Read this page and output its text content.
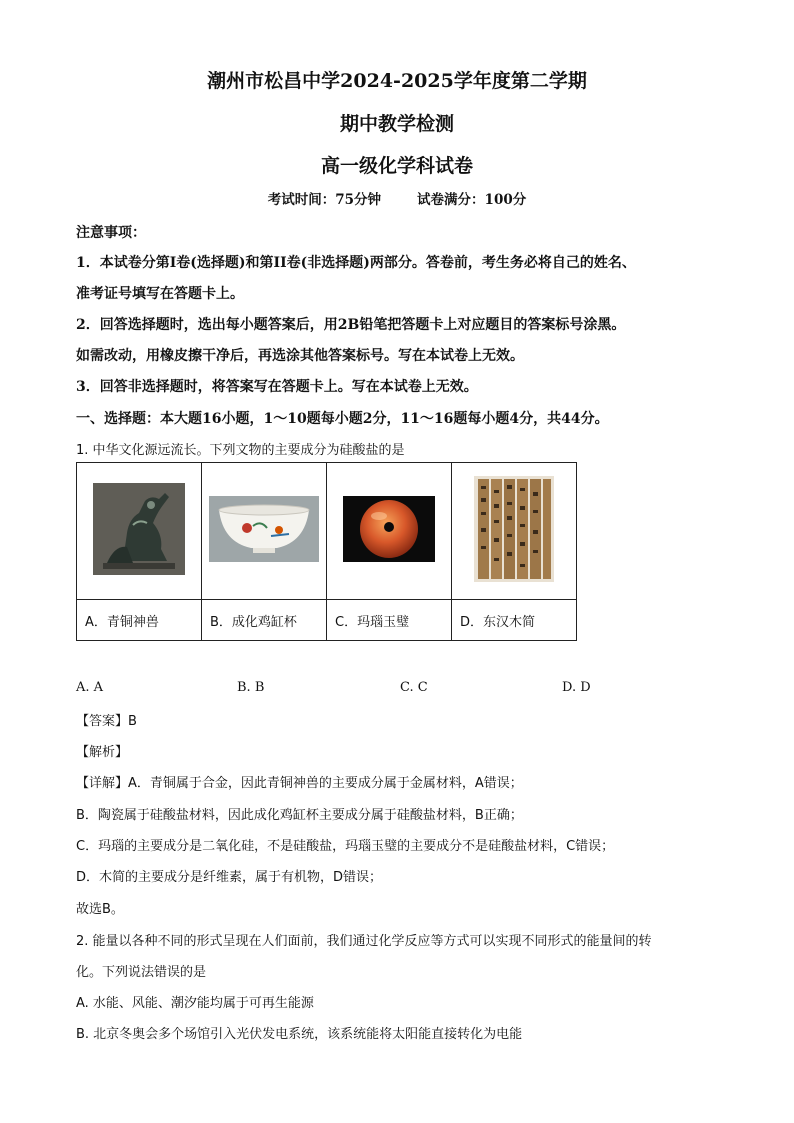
潮州市松昌中学2024-2025学年度第二学期
期中教学检测
高一级化学科试卷
考试时间：75分钟	试卷满分：100分
注意事项：
1．本试卷分第I卷(选择题)和第II卷(非选择题)两部分。答卷前，考生务必将自己的姓名、
准考证号填写在答题卡上。
2．回答选择题时，选出每小题答案后，用2B铅笔把答题卡上对应题目的答案标号涂黑。
如需改动，用橡皮擦干净后，再选涂其他答案标号。写在本试卷上无效。
3．回答非选择题时，将答案写在答题卡上。写在本试卷上无效。
一、选择题：本大题16小题，1～10题每小题2分，11～16题每小题4分，共44分。
1. 中华文化源远流长。下列文物的主要成分为硅酸盐的是

A．青铜神兽	B．成化鸡缸杯	C．玛瑙玉璧	D．东汉木简
A. A	B. B	C. C	D. D
【答案】B
【解析】
【详解】A．青铜属于合金，因此青铜神兽的主要成分属于金属材料，A错误；
B．陶瓷属于硅酸盐材料，因此成化鸡缸杯主要成分属于硅酸盐材料，B正确；
C．玛瑙的主要成分是二氧化硅，不是硅酸盐，玛瑙玉璧的主要成分不是硅酸盐材料，C错误；
D．木简的主要成分是纤维素，属于有机物，D错误；
故选B。
2. 能量以各种不同的形式呈现在人们面前，我们通过化学反应等方式可以实现不同形式的能量间的转
化。下列说法错误的是
A. 水能、风能、潮汐能均属于可再生能源
B. 北京冬奥会多个场馆引入光伏发电系统，该系统能将太阳能直接转化为电能
